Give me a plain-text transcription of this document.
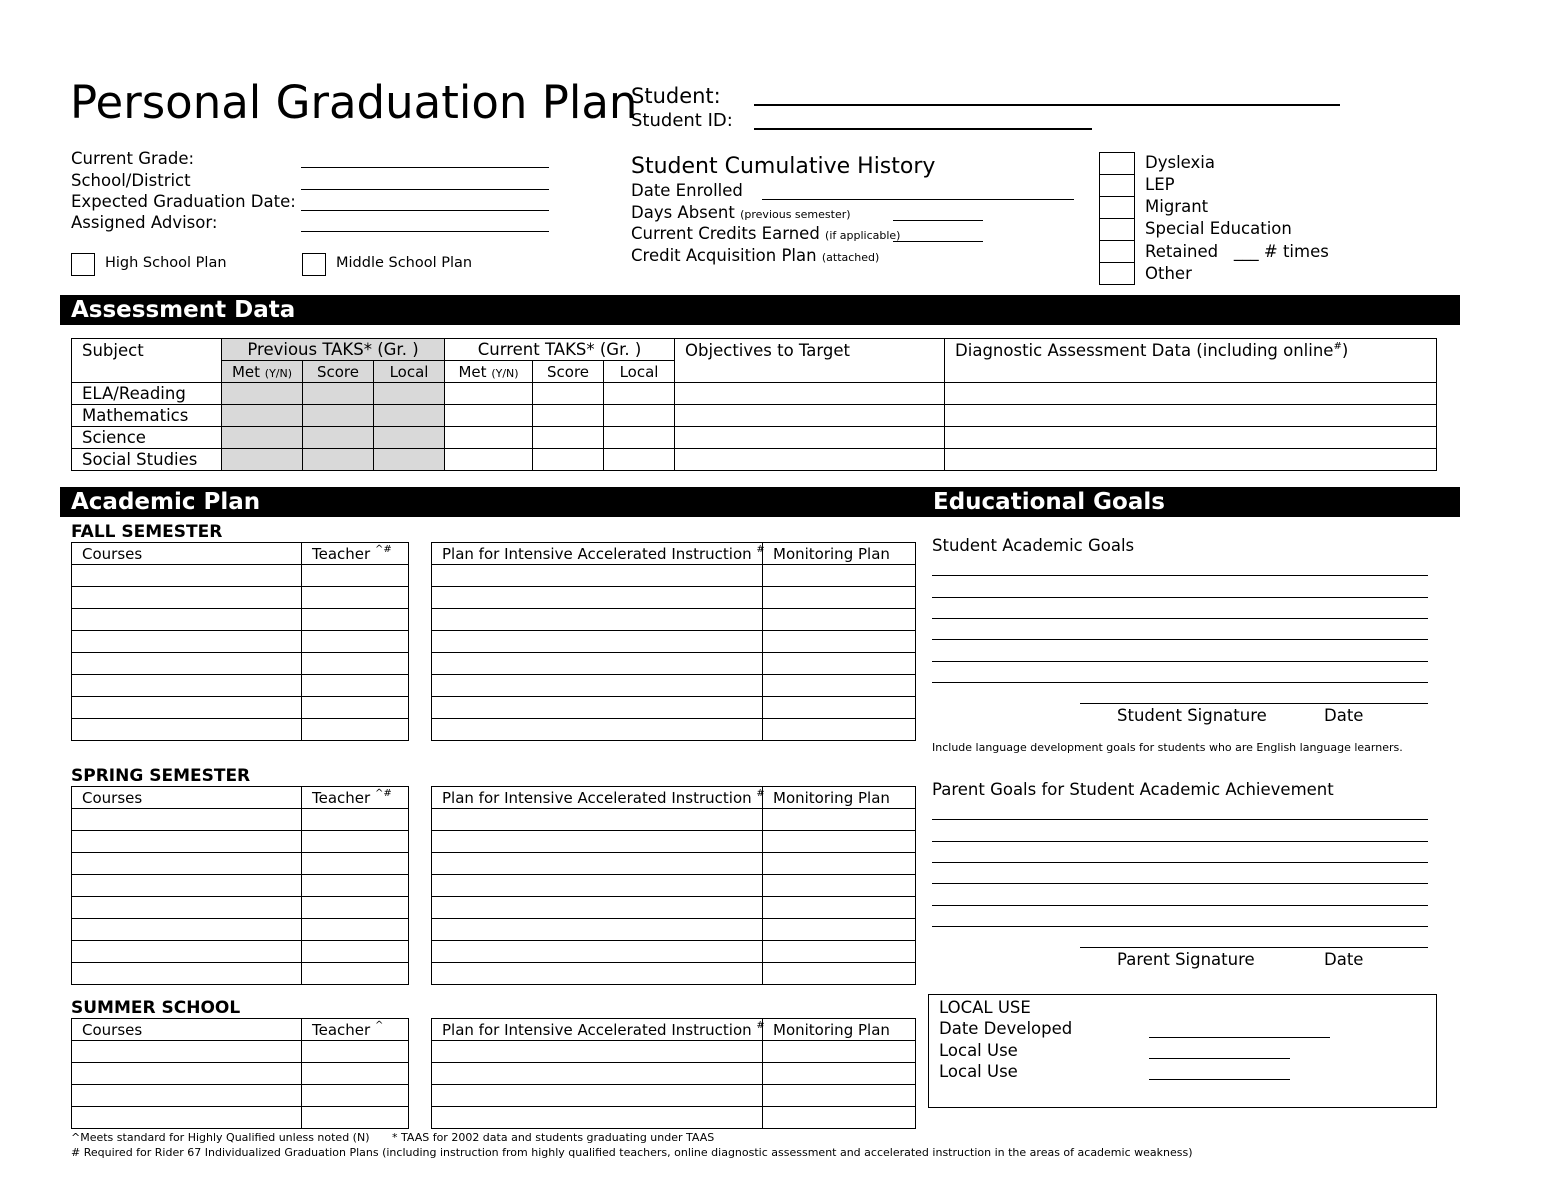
Personal Graduation Plan
Student:
Student ID:
Current Grade:
School/District
Expected Graduation Date:
Assigned Advisor:
High School Plan	Middle School Plan
Student Cumulative History
Date Enrolled
Days Absent (previous semester)
Current Credits Earned (if applicable)
Credit Acquisition Plan (attached)
Dyslexia
LEP
Migrant
Special Education
Retained ___ # times
Other
Assessment Data
Subject	Previous TAKS* (Gr. )			Current TAKS* (Gr. )			Objectives to Target	Diagnostic Assessment Data (including online#)
	Met (Y/N)	Score	Local	Met (Y/N)	Score	Local		
ELA/Reading								
Mathematics								
Science								
Social Studies								
Academic Plan	Educational Goals
FALL SEMESTER
Courses	Teacher ^#

		Plan for Intensive Accelerated Instruction #	Monitoring Plan

SPRING SEMESTER
Courses	Teacher ^#

		Plan for Intensive Accelerated Instruction #	Monitoring Plan

SUMMER SCHOOL
Courses	Teacher ^

		Plan for Intensive Accelerated Instruction #	Monitoring Plan

Student Academic Goals
Student Signature	Date
Include language development goals for students who are English language learners.
Parent Goals for Student Academic Achievement
Parent Signature	Date
LOCAL USE
Date Developed
Local Use
Local Use
^Meets standard for Highly Qualified unless noted (N) * TAAS for 2002 data and students graduating under TAAS
# Required for Rider 67 Individualized Graduation Plans (including instruction from highly qualified teachers, online diagnostic assessment and accelerated instruction in the areas of academic weakness)
